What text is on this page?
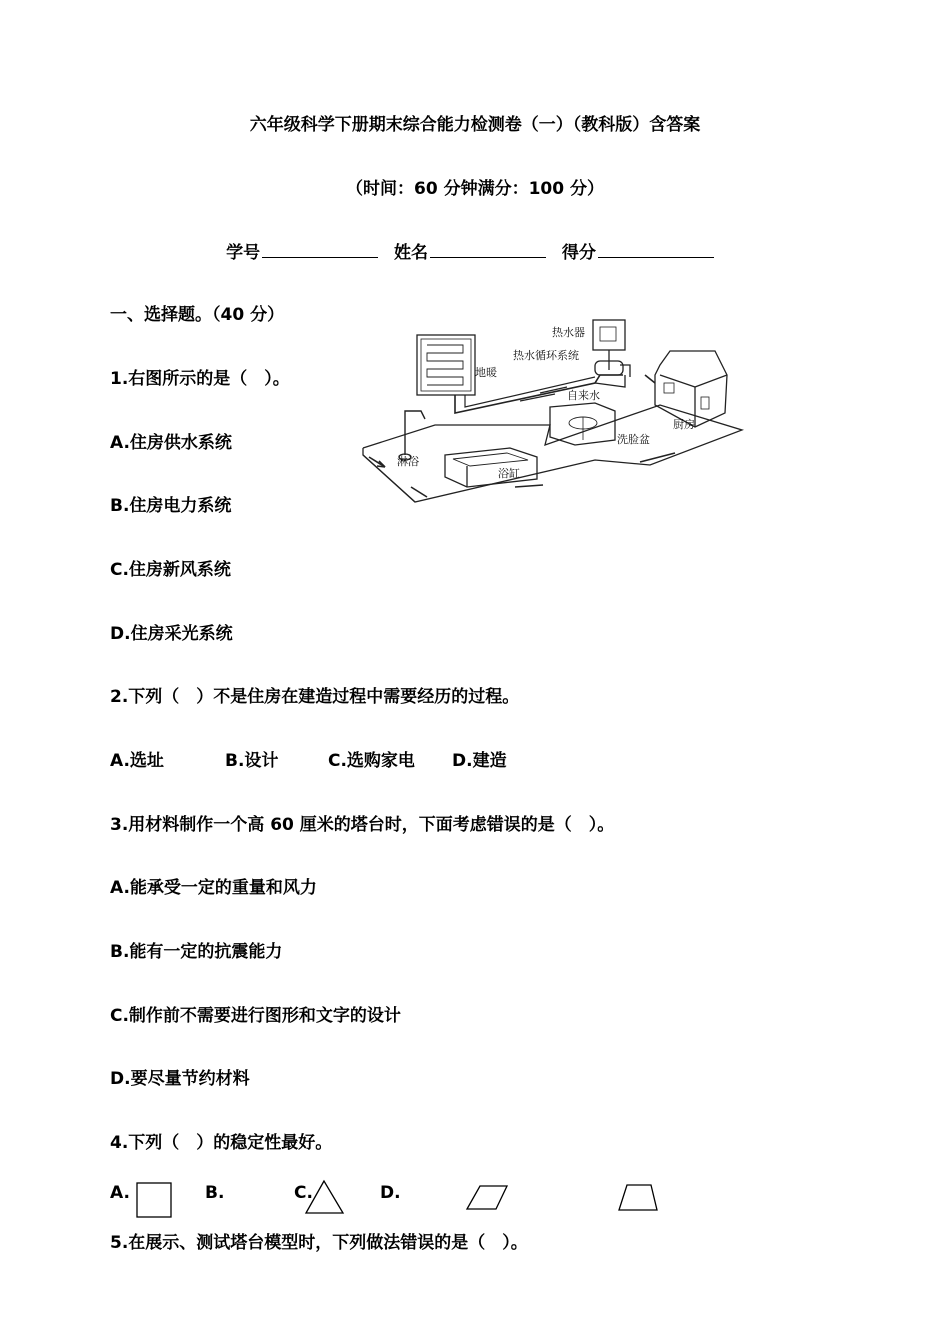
六年级科学下册期末综合能力检测卷（一）（教科版）含答案
（时间：60 分钟满分：100 分）
学号	姓名	得分
一、选择题。（40 分）
1.右图所示的是（　）。
A.住房供水系统
B.住房电力系统
C.住房新风系统
D.住房采光系统
热水器
热水循环系统
地暖
自来水
淋浴
浴缸
洗脸盆
厨房
2.下列（　）不是住房在建造过程中需要经历的过程。
A.选址	B.设计	C.选购家电 D.建造
3.用材料制作一个高 60 厘米的塔台时，下面考虑错误的是（　）。
A.能承受一定的重量和风力
B.能有一定的抗震能力
C.制作前不需要进行图形和文字的设计
D.要尽量节约材料
4.下列（　）的稳定性最好。
A.	B.	C.	D.
5.在展示、测试塔台模型时，下列做法错误的是（　）。
